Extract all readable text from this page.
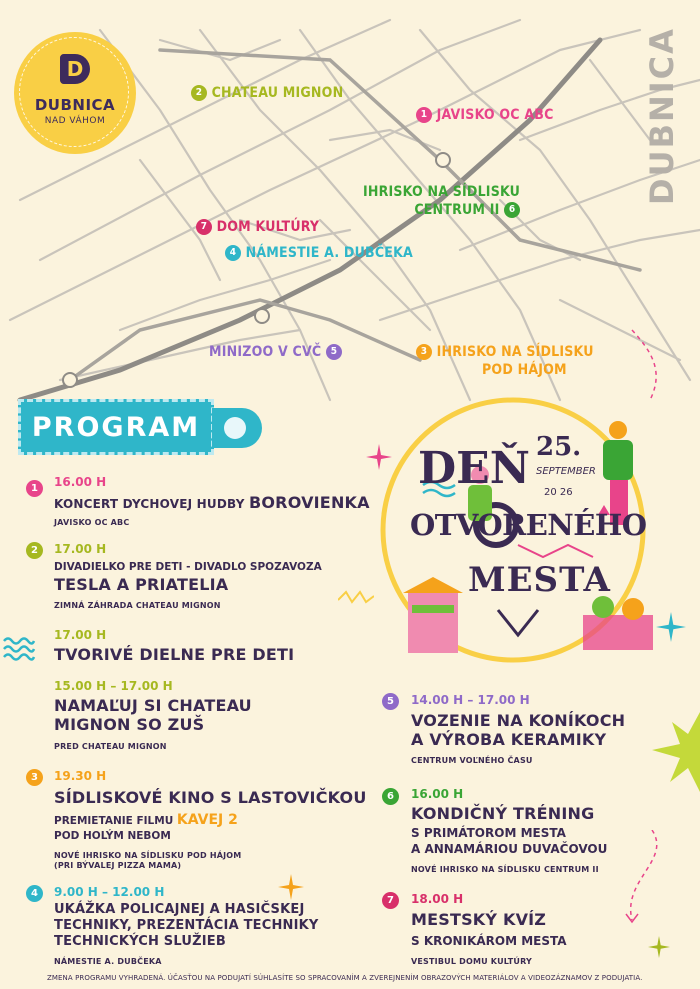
D
DUBNICA
NAD VÁHOM	DUBNICA
2 CHATEAU MIGNON
1 JAVISKO OC ABC
IHRISKO NA SÍDLISKU
CENTRUM II 6
7 DOM KULTÚRY
4 NÁMESTIE A. DUBČEKA
MINIZOO V CVČ 5	3 IHRISKO NA SÍDLISKU
POD HÁJOM
PROGRAM
DEŇ 25.
SEPTEMBER
20 26
OTVORENÉHO
MESTA
1	16.00 H
KONCERT DYCHOVEJ HUDBY BOROVIENKA
JAVISKO OC ABC
2	17.00 H
DIVADIELKO PRE DETI - DIVADLO SPOZAVOZA
TESLA A PRIATELIA
ZIMNÁ ZÁHRADA CHATEAU MIGNON
17.00 H
TVORIVÉ DIELNE PRE DETI
15.00 H – 17.00 H
NAMAĽUJ SI CHATEAU
MIGNON SO ZUŠ
PRED CHATEAU MIGNON
3	19.30 H
SÍDLISKOVÉ KINO S LASTOVIČKOU
PREMIETANIE FILMU KAVEJ 2
POD HOLÝM NEBOM
NOVÉ IHRISKO NA SÍDLISKU POD HÁJOM
(PRI BÝVALEJ PIZZA MAMA)
4	9.00 H – 12.00 H
UKÁŽKA POLICAJNEJ A HASIČSKEJ
TECHNIKY, PREZENTÁCIA TECHNIKY
TECHNICKÝCH SLUŽIEB
NÁMESTIE A. DUBČEKA
5	14.00 H – 17.00 H
VOZENIE NA KONÍKOCH
A VÝROBA KERAMIKY
CENTRUM VOĽNÉHO ČASU
6	16.00 H
KONDIČNÝ TRÉNING
S PRIMÁTOROM MESTA
A ANNAMÁRIOU DUVAČOVOU
NOVÉ IHRISKO NA SÍDLISKU CENTRUM II
7	18.00 H
MESTSKÝ KVÍZ
S KRONIKÁROM MESTA
VESTIBUL DOMU KULTÚRY
ZMENA PROGRAMU VYHRADENÁ. ÚČASŤOU NA PODUJATÍ SÚHLASÍTE SO SPRACOVANÍM A ZVEREJNENÍM OBRAZOVÝCH MATERIÁLOV A VIDEOZÁZNAMOV Z PODUJATIA.
